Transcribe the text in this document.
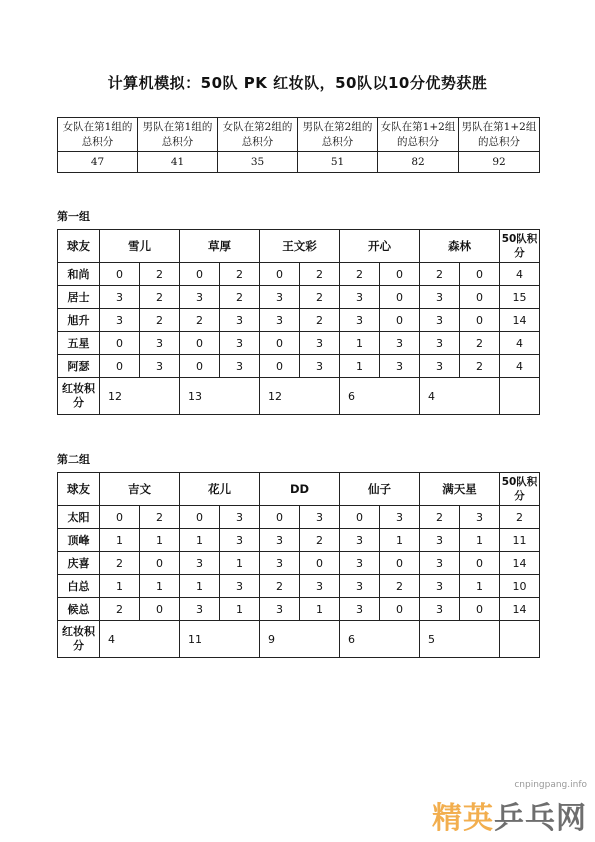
计算机模拟：50队 PK 红妆队，50队以10分优势获胜
女队在第1组的总积分	男队在第1组的总积分	女队在第2组的总积分	男队在第2组的总积分	女队在第1+2组的总积分	男队在第1+2组的总积分
47	41	35	51	82	92
第一组
球友	雪儿		草厚		王文彩		开心		森林		50队积分
和尚	0	2	0	2	0	2	2	0	2	0	4
居士	3	2	3	2	3	2	3	0	3	0	15
旭升	3	2	2	3	3	2	3	0	3	0	14
五星	0	3	0	3	0	3	1	3	3	2	4
阿瑟	0	3	0	3	0	3	1	3	3	2	4
红妆积分	12		13		12		6		4		
第二组
球友	吉文		花儿		DD		仙子		满天星		50队积分
太阳	0	2	0	3	0	3	0	3	2	3	2
顶峰	1	1	1	3	3	2	3	1	3	1	11
庆喜	2	0	3	1	3	0	3	0	3	0	14
白总	1	1	1	3	2	3	3	2	3	1	10
候总	2	0	3	1	3	1	3	0	3	0	14
红妆积分	4		11		9		6		5		
cnpingpang.info
精英乒乓网
